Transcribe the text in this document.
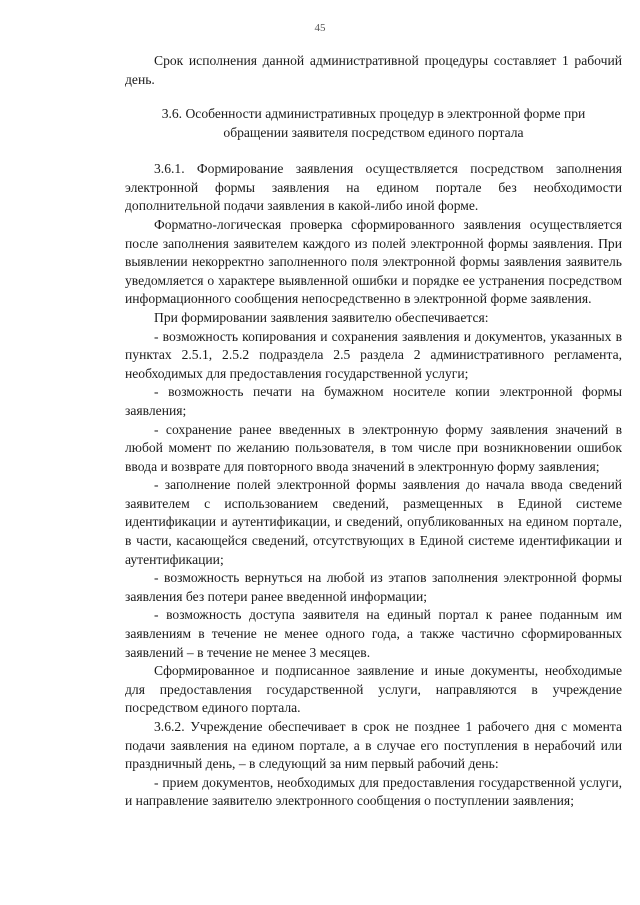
45

Срок исполнения данной административной процедуры составляет 1 рабочий день.

3.6. Особенности административных процедур в электронной форме при обращении заявителя посредством единого портала

3.6.1. Формирование заявления осуществляется посредством заполнения электронной формы заявления на едином портале без необходимости дополнительной подачи заявления в какой-либо иной форме.

Форматно-логическая проверка сформированного заявления осуществляется после заполнения заявителем каждого из полей электронной формы заявления. При выявлении некорректно заполненного поля электронной формы заявления заявитель уведомляется о характере выявленной ошибки и порядке ее устранения посредством информационного сообщения непосредственно в электронной форме заявления.

При формировании заявления заявителю обеспечивается:

- возможность копирования и сохранения заявления и документов, указанных в пунктах 2.5.1, 2.5.2 подраздела 2.5 раздела 2 административного регламента, необходимых для предоставления государственной услуги;

- возможность печати на бумажном носителе копии электронной формы заявления;

- сохранение ранее введенных в электронную форму заявления значений в любой момент по желанию пользователя, в том числе при возникновении ошибок ввода и возврате для повторного ввода значений в электронную форму заявления;

- заполнение полей электронной формы заявления до начала ввода сведений заявителем с использованием сведений, размещенных в Единой системе идентификации и аутентификации, и сведений, опубликованных на едином портале, в части, касающейся сведений, отсутствующих в Единой системе идентификации и аутентификации;

- возможность вернуться на любой из этапов заполнения электронной формы заявления без потери ранее введенной информации;

- возможность доступа заявителя на единый портал к ранее поданным им заявлениям в течение не менее одного года, а также частично сформированных заявлений – в течение не менее 3 месяцев.

Сформированное и подписанное заявление и иные документы, необходимые для предоставления государственной услуги, направляются в учреждение посредством единого портала.

3.6.2. Учреждение обеспечивает в срок не позднее 1 рабочего дня с момента подачи заявления на едином портале, а в случае его поступления в нерабочий или праздничный день, – в следующий за ним первый рабочий день:

- прием документов, необходимых для предоставления государственной услуги, и направление заявителю электронного сообщения о поступлении заявления;
